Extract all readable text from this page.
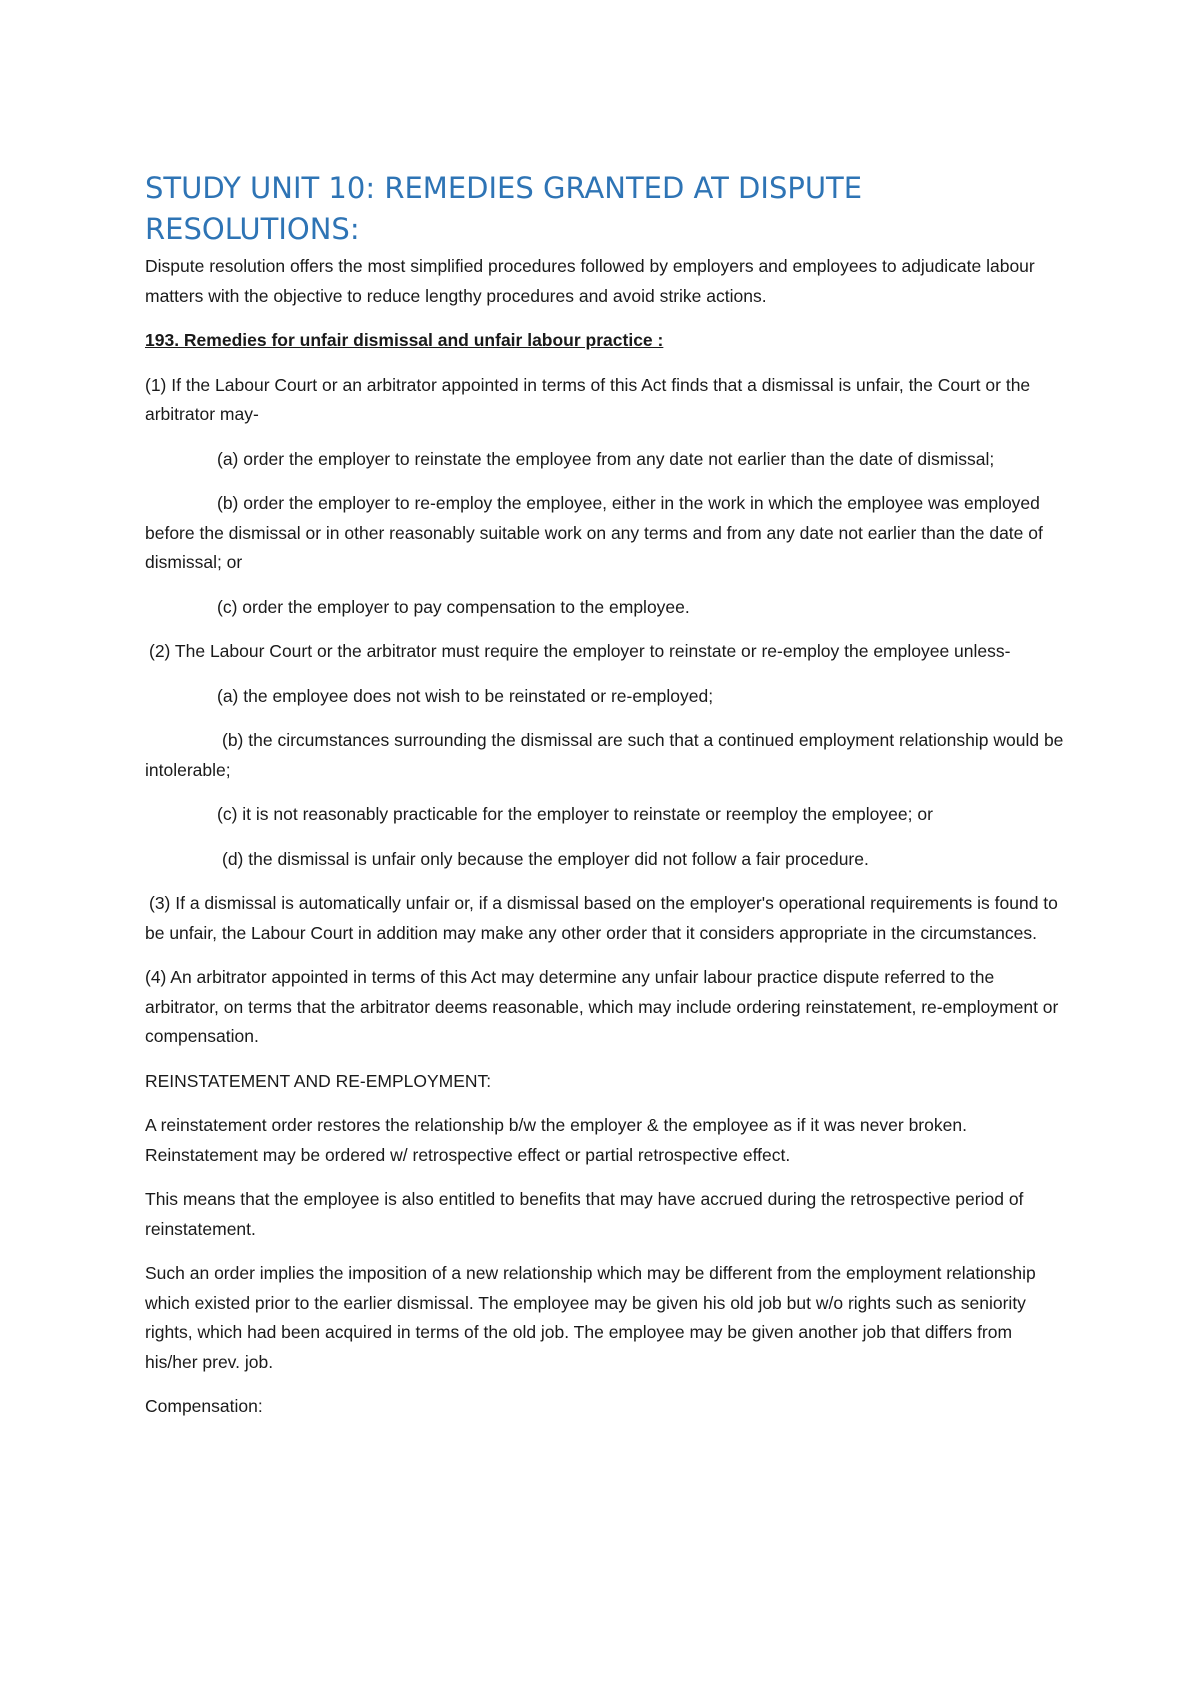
STUDY UNIT 10: REMEDIES GRANTED AT DISPUTE RESOLUTIONS:

Dispute resolution offers the most simplified procedures followed by employers and employees to adjudicate labour matters with the objective to reduce lengthy procedures and avoid strike actions.

193. Remedies for unfair dismissal and unfair labour practice :

(1) If the Labour Court or an arbitrator appointed in terms of this Act finds that a dismissal is unfair, the Court or the arbitrator may-

(a) order the employer to reinstate the employee from any date not earlier than the date of dismissal;

(b) order the employer to re-employ the employee, either in the work in which the employee was employed before the dismissal or in other reasonably suitable work on any terms and from any date not earlier than the date of dismissal; or

(c) order the employer to pay compensation to the employee.

(2) The Labour Court or the arbitrator must require the employer to reinstate or re-employ the employee unless-

(a) the employee does not wish to be reinstated or re-employed;

(b) the circumstances surrounding the dismissal are such that a continued employment relationship would be intolerable;

(c) it is not reasonably practicable for the employer to reinstate or reemploy the employee; or

(d) the dismissal is unfair only because the employer did not follow a fair procedure.

(3) If a dismissal is automatically unfair or, if a dismissal based on the employer's operational requirements is found to be unfair, the Labour Court in addition may make any other order that it considers appropriate in the circumstances.

(4) An arbitrator appointed in terms of this Act may determine any unfair labour practice dispute referred to the arbitrator, on terms that the arbitrator deems reasonable, which may include ordering reinstatement, re-employment or compensation.

REINSTATEMENT AND RE-EMPLOYMENT:

A reinstatement order restores the relationship b/w the employer & the employee as if it was never broken. Reinstatement may be ordered w/ retrospective effect or partial retrospective effect.

This means that the employee is also entitled to benefits that may have accrued during the retrospective period of reinstatement.

Such an order implies the imposition of a new relationship which may be different from the employment relationship which existed prior to the earlier dismissal. The employee may be given his old job but w/o rights such as seniority rights, which had been acquired in terms of the old job. The employee may be given another job that differs from his/her prev. job.

Compensation:
